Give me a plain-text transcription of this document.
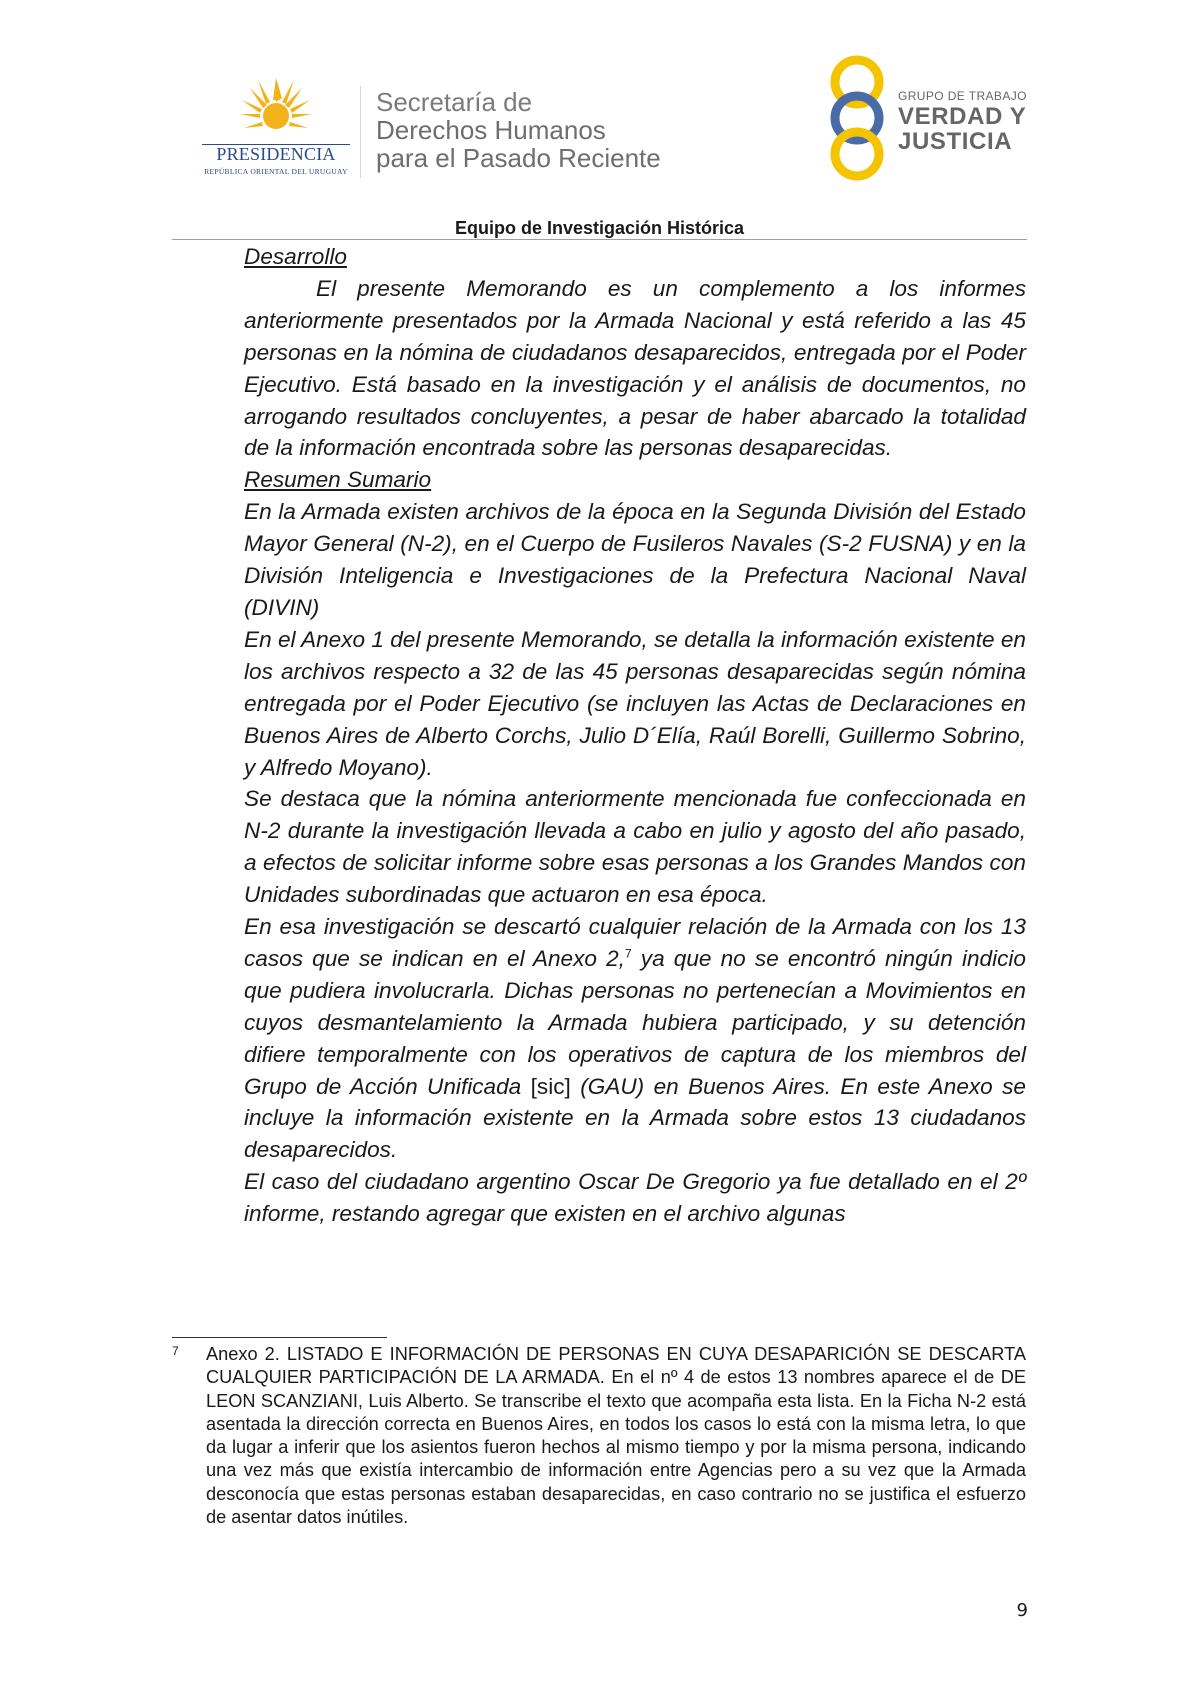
PRESIDENCIA
REPÚBLICA ORIENTAL DEL URUGUAY
Secretaría de
Derechos Humanos
para el Pasado Reciente
GRUPO DE TRABAJO
VERDAD Y
JUSTICIA
Equipo de Investigación Histórica

Desarrollo

El presente Memorando es un complemento a los informes anteriormente presentados por la Armada Nacional y está referido a las 45 personas en la nómina de ciudadanos desaparecidos, entregada por el Poder Ejecutivo. Está basado en la investigación y el análisis de documentos, no arrogando resultados concluyentes, a pesar de haber abarcado la totalidad de la información encontrada sobre las personas desaparecidas.

Resumen Sumario

En la Armada existen archivos de la época en la Segunda División del Estado Mayor General (N-2), en el Cuerpo de Fusileros Navales (S-2 FUSNA) y en la División Inteligencia e Investigaciones de la Prefectura Nacional Naval (DIVIN)

En el Anexo 1 del presente Memorando, se detalla la información existente en los archivos respecto a 32 de las 45 personas desaparecidas según nómina entregada por el Poder Ejecutivo (se incluyen las Actas de Declaraciones en Buenos Aires de Alberto Corchs, Julio D´Elía, Raúl Borelli, Guillermo Sobrino, y Alfredo Moyano).

Se destaca que la nómina anteriormente mencionada fue confeccionada en N-2 durante la investigación llevada a cabo en julio y agosto del año pasado, a efectos de solicitar informe sobre esas personas a los Grandes Mandos con Unidades subordinadas que actuaron en esa época.

En esa investigación se descartó cualquier relación de la Armada con los 13 casos que se indican en el Anexo 2,$^7$ ya que no se encontró ningún indicio que pudiera involucrarla. Dichas personas no pertenecían a Movimientos en cuyos desmantelamiento la Armada hubiera participado, y su detención difiere temporalmente con los operativos de captura de los miembros del Grupo de Acción Unificada [sic] (GAU) en Buenos Aires. En este Anexo se incluye la información existente en la Armada sobre estos 13 ciudadanos desaparecidos.

El caso del ciudadano argentino Oscar De Gregorio ya fue detallado en el 2º informe, restando agregar que existen en el archivo algunas

7 Anexo 2. LISTADO E INFORMACIÓN DE PERSONAS EN CUYA DESAPARICIÓN SE DESCARTA CUALQUIER PARTICIPACIÓN DE LA ARMADA. En el nº 4 de estos 13 nombres aparece el de DE LEON SCANZIANI, Luis Alberto. Se transcribe el texto que acompaña esta lista. En la Ficha N-2 está asentada la dirección correcta en Buenos Aires, en todos los casos lo está con la misma letra, lo que da lugar a inferir que los asientos fueron hechos al mismo tiempo y por la misma persona, indicando una vez más que existía intercambio de información entre Agencias pero a su vez que la Armada desconocía que estas personas estaban desaparecidas, en caso contrario no se justifica el esfuerzo de asentar datos inútiles.

9
